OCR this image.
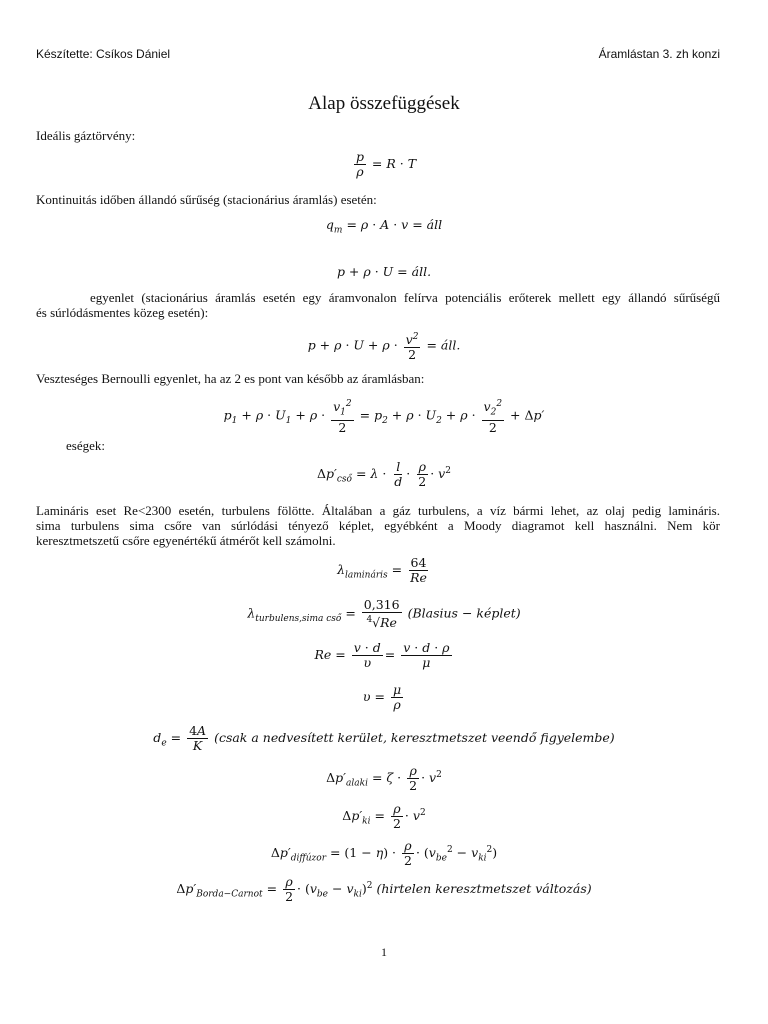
Készítette: Csíkos Dániel	Áramlástan 3. zh konzi
Alap összefüggések
Ideális gáztörvény:
$\frac{p}{\rho} = R \cdot T$
Kontinuitás időben állandó sűrűség (stacionárius áramlás) esetén:
$q_m = \rho \cdot A \cdot v$ = áll
p + ρ · U = áll.
egyenlet (stacionárius áramlás esetén egy áramvonalon felírva potenciális erőterek mellett egy állandó sűrűségű
és súrlódásmentes közeg esetén):
$p + \rho \cdot U + \rho \cdot \frac{v^2}{2}$ = áll.
Veszteséges Bernoulli egyenlet, ha az 2 es pont van később az áramlásban:
$p_1 + \rho \cdot U_1 + \rho \cdot \frac{v_1^2}{2} = p_2 + \rho \cdot U_2 + \rho \cdot \frac{v_2^2}{2} + \Delta p'$
eségek:
$\Delta p'_{cső} = \lambda \cdot \frac{l}{d} \cdot \frac{\rho}{2} \cdot v^2$
Lamináris eset Re<2300 esetén, turbulens fölötte. Általában a gáz turbulens, a víz bármi lehet, az olaj pedig lamináris.
sima turbulens sima csőre van súrlódási tényező képlet, egyébként a Moody diagramot kell használni. Nem kör
keresztmetszetű csőre egyenértékű átmérőt kell számolni.
$\lambda_{lamináris} = \frac{64}{Re}$
$\lambda_{turbulens,sima cső} = \frac{0,316}{^4√Re}$ (Blasius − képlet)
$Re = \frac{v \cdot d}{\upsilon} = \frac{v \cdot d \cdot \rho}{\mu}$
$\upsilon = \frac{\mu}{\rho}$
$d_e = \frac{4A}{K}$ (csak a nedvesített kerület, keresztmetszet veendő figyelembe)
$\Delta p'_{alaki} = \zeta \cdot \frac{\rho}{2} \cdot v^2$
$\Delta p'_{ki} = \frac{\rho}{2} \cdot v^2$
$\Delta p'_{diffúzor} = (1 - \eta) \cdot \frac{\rho}{2} \cdot (v_{be}^2 - v_{ki}^2)$
$\Delta p'_{Borda-Carnot} = \frac{\rho}{2} \cdot (v_{be} - v_{ki})^2$ (hirtelen keresztmetszet változás)
1
